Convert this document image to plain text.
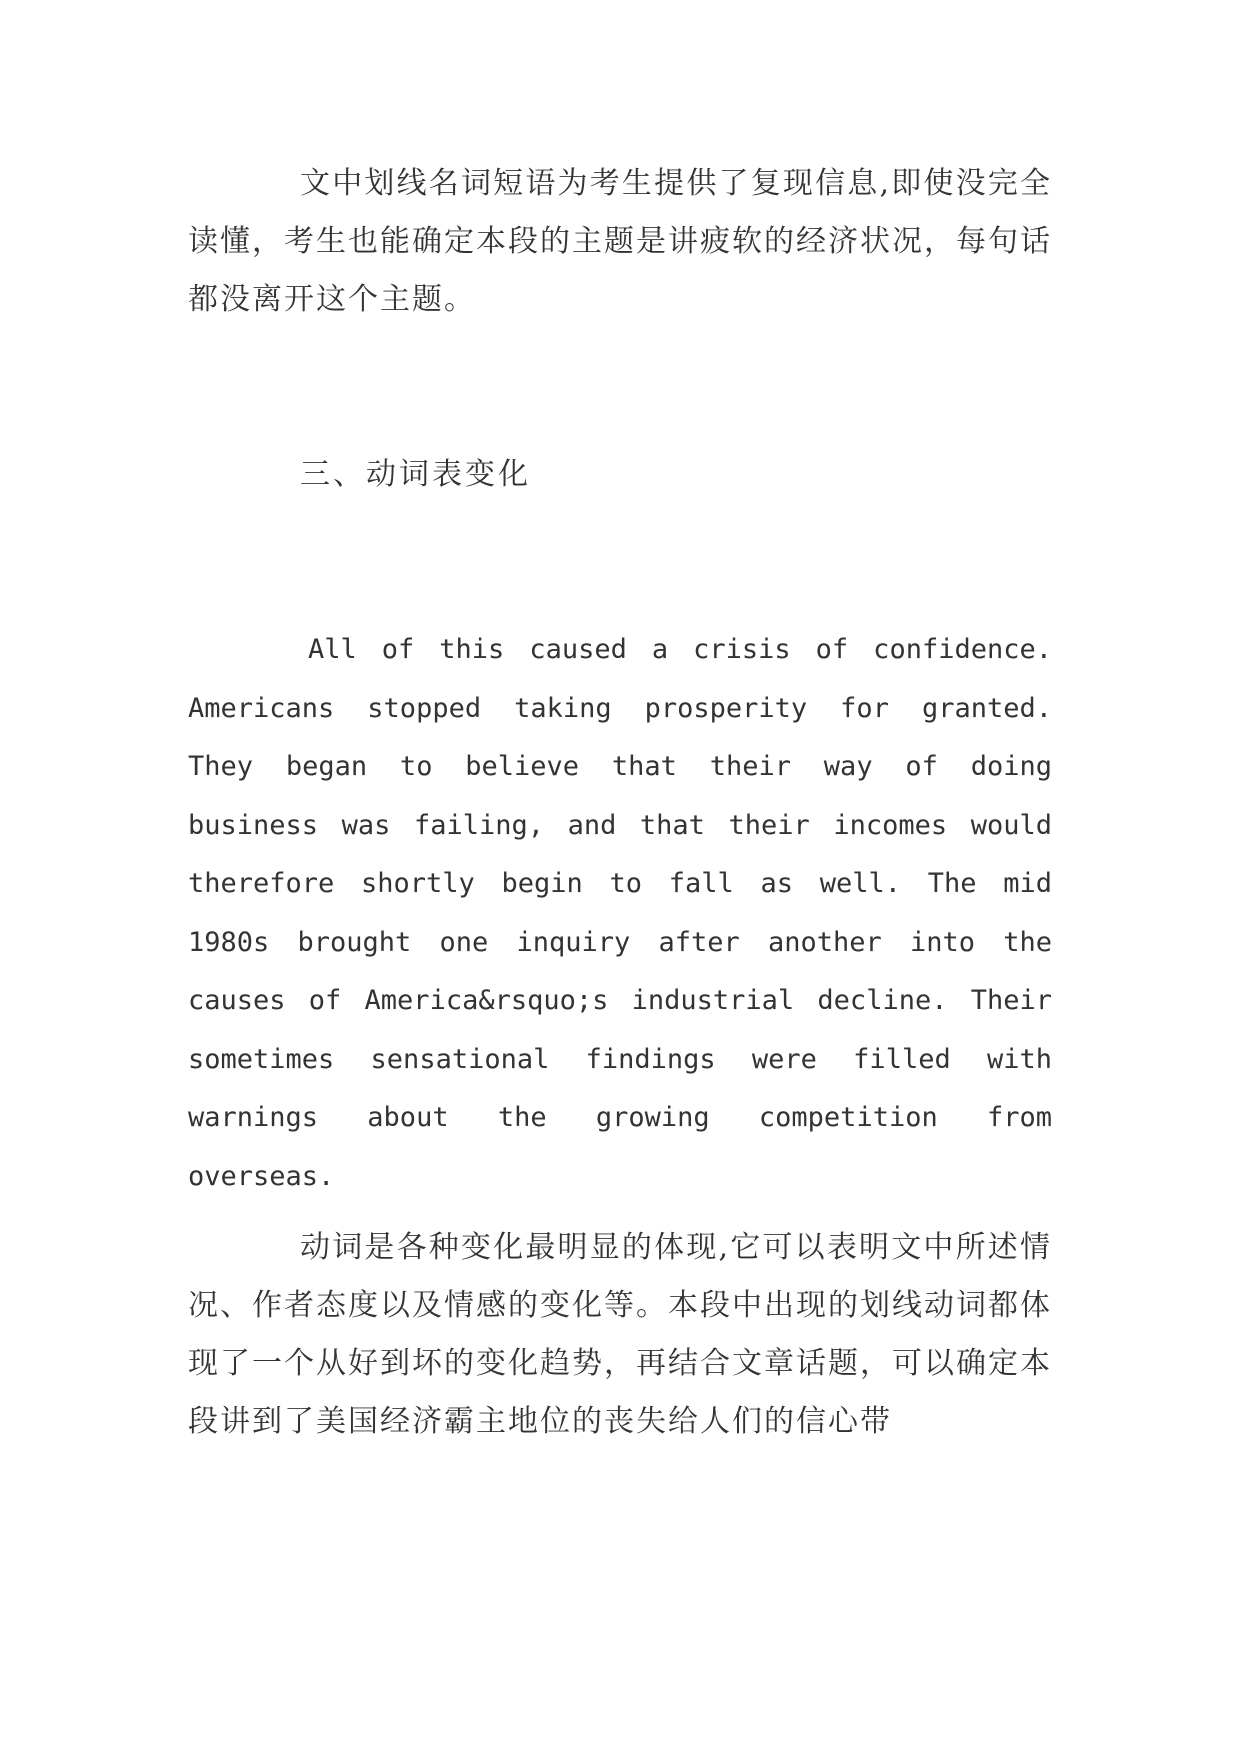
文中划线名词短语为考生提供了复现信息,即使没完全读懂，考生也能确定本段的主题是讲疲软的经济状况，每句话都没离开这个主题。

三、动词表变化

All of this caused a crisis of confidence. Americans stopped taking prosperity for granted. They began to believe that their way of doing business was failing, and that their incomes would therefore shortly begin to fall as well. The mid 1980s brought one inquiry after another into the causes of America&rsquo;s industrial decline. Their sometimes sensational findings were filled with warnings about the growing competition from overseas.

动词是各种变化最明显的体现,它可以表明文中所述情况、作者态度以及情感的变化等。本段中出现的划线动词都体现了一个从好到坏的变化趋势，再结合文章话题，可以确定本段讲到了美国经济霸主地位的丧失给人们的信心带
